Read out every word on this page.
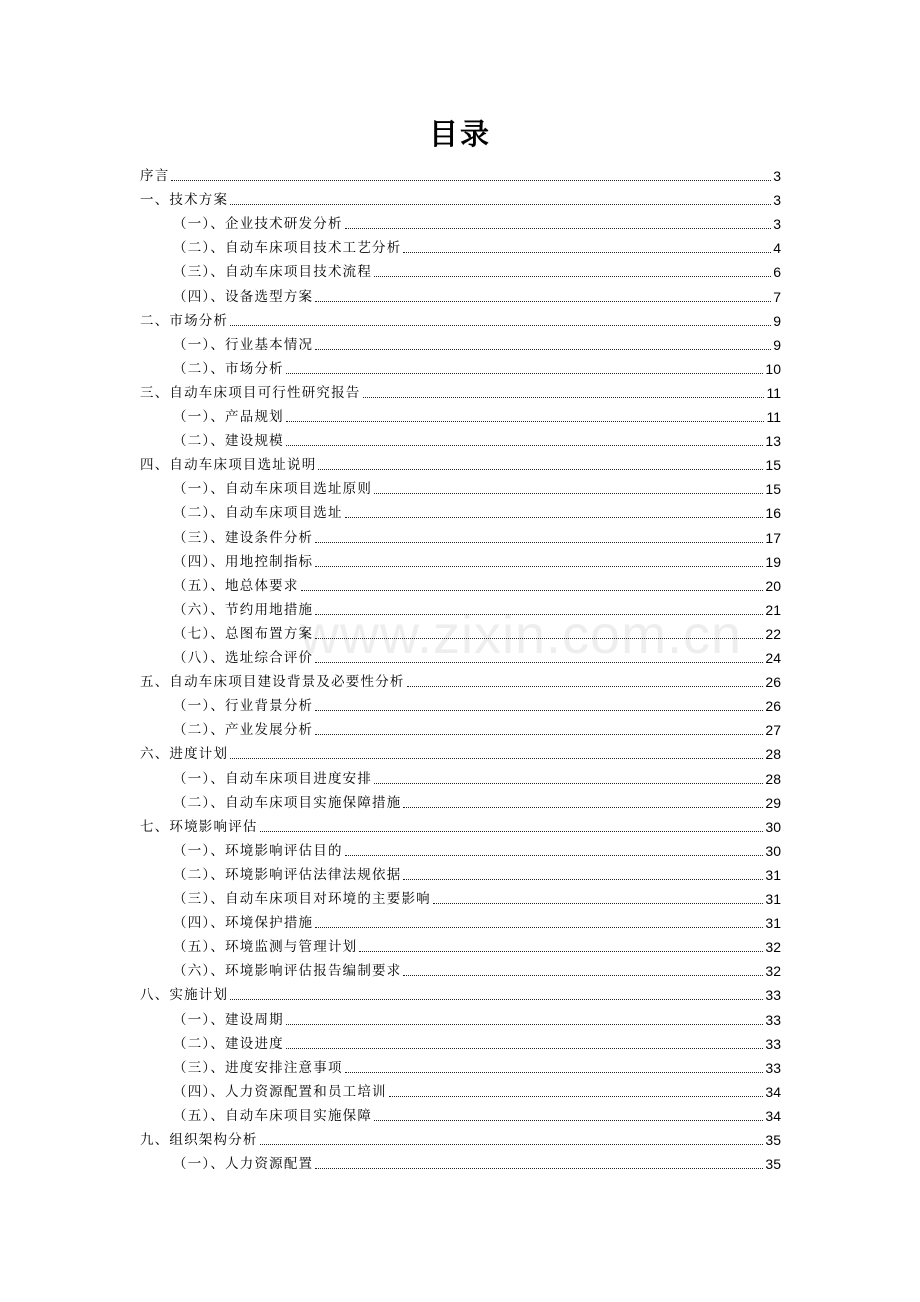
目录
www.zixin.com.cn
序言	3
一、技术方案	3
（一）、企业技术研发分析	3
（二）、自动车床项目技术工艺分析	4
（三）、自动车床项目技术流程	6
（四）、设备选型方案	7
二、市场分析	9
（一）、行业基本情况	9
（二）、市场分析	10
三、自动车床项目可行性研究报告	11
（一）、产品规划	11
（二）、建设规模	13
四、自动车床项目选址说明	15
（一）、自动车床项目选址原则	15
（二）、自动车床项目选址	16
（三）、建设条件分析	17
（四）、用地控制指标	19
（五）、地总体要求	20
（六）、节约用地措施	21
（七）、总图布置方案	22
（八）、选址综合评价	24
五、自动车床项目建设背景及必要性分析	26
（一）、行业背景分析	26
（二）、产业发展分析	27
六、进度计划	28
（一）、自动车床项目进度安排	28
（二）、自动车床项目实施保障措施	29
七、环境影响评估	30
（一）、环境影响评估目的	30
（二）、环境影响评估法律法规依据	31
（三）、自动车床项目对环境的主要影响	31
（四）、环境保护措施	31
（五）、环境监测与管理计划	32
（六）、环境影响评估报告编制要求	32
八、实施计划	33
（一）、建设周期	33
（二）、建设进度	33
（三）、进度安排注意事项	33
（四）、人力资源配置和员工培训	34
（五）、自动车床项目实施保障	34
九、组织架构分析	35
（一）、人力资源配置	35
